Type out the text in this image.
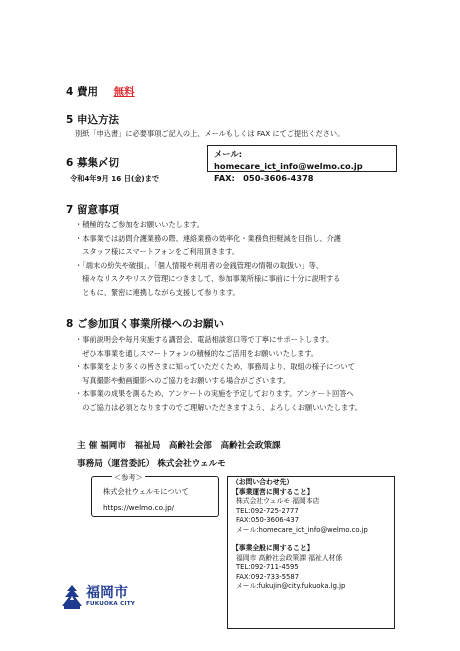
4 費用 無料
5 申込方法
別紙「申込書」に必要事項ご記入の上、メールもしくは FAX にてご提出ください。
メール: homecare_ict_info@welmo.co.jp
FAX:　050-3606-4378
6 募集〆切
令和4年9月 16 日(金)まで
7 留意事項
・積極的なご参加をお願いいたします。
・本事業では訪問介護業務の際、連絡業務の効率化・業務負担軽減を目指し、介護
　スタッフ様にスマートフォンをご利用頂きます。
・「端末の紛失や破損」、「個人情報や利用者の金銭管理の情報の取扱い」等、
　様々なリスクやリスク管理につきまして、参加事業所様に事前に十分に説明する
　ともに、緊密に連携しながら支援して参ります。
8 ご参加頂く事業所様へのお願い
・事前説明会や毎月実施する講習会、電話相談窓口等で丁寧にサポートします。
　ぜひ本事業を通しスマートフォンの積極的なご活用をお願いいたします。
・本事業をより多くの皆さまに知っていただくため、事務局より、取組の様子について
　写真撮影や動画撮影へのご協力をお願いする場合がございます。
・本事業の成果を測るため、アンケートの実施を予定しております。アンケート回答へ
　のご協力は必須となりますのでご理解いただきますよう、よろしくお願いいたします。
主 催 福岡市　福祉局　高齢社会部　高齢社会政策課
事務局（運営委託） 株式会社ウェルモ
＜参考＞
株式会社ウェルモについて
https://welmo.co.jp/
（お問い合わせ先）
【事業運営に関すること】
株式会社ウェルモ 福岡本店
TEL:092-725-2777
FAX:050-3606-437
メール:homecare_ict_info@welmo.co.jp
【事業全般に関すること】
福岡市 高齢社会政策課 福祉人材係
TEL:092-711-4595
FAX:092-733-5587
メール:fukujin@city.fukuoka.lg.jp
福岡市
FUKUOKA CITY
